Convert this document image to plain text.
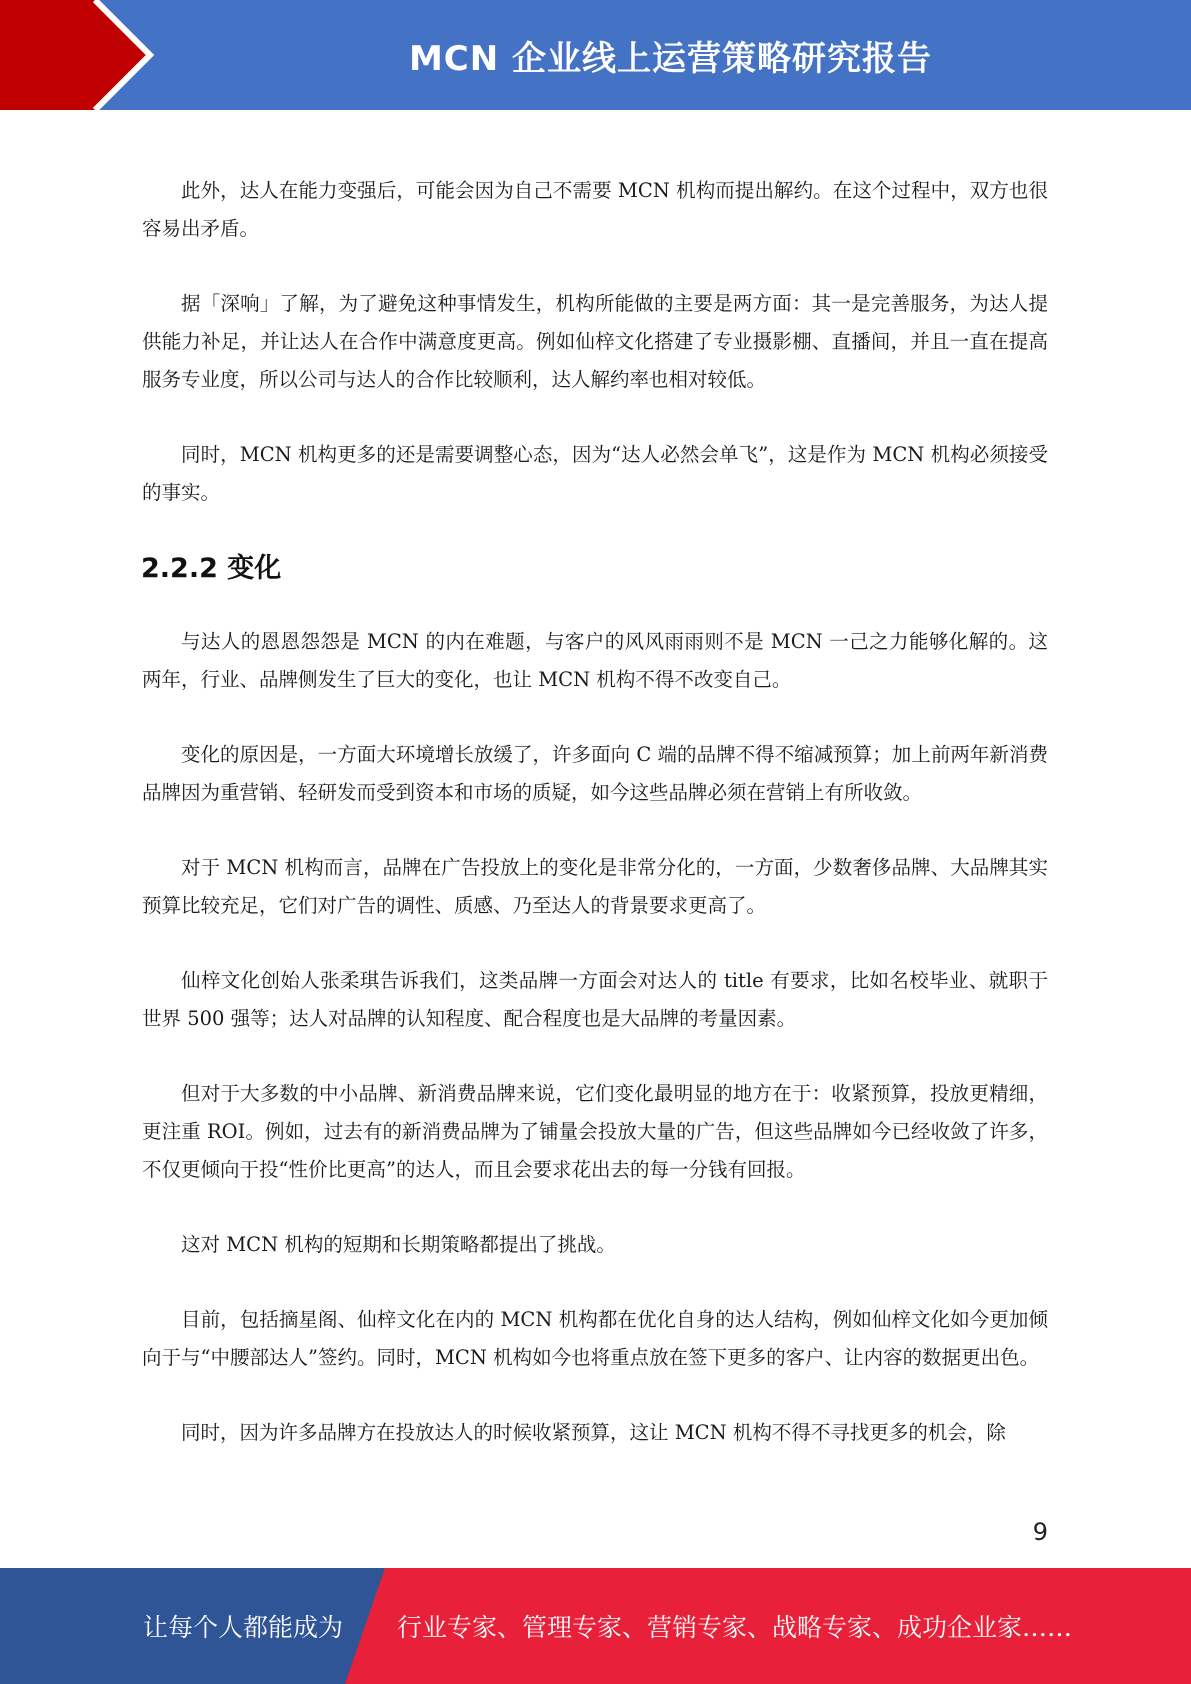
MCN 企业线上运营策略研究报告

此外，达人在能力变强后，可能会因为自己不需要 MCN 机构而提出解约。在这个过程中，双方也很容易出矛盾。

据「深响」了解，为了避免这种事情发生，机构所能做的主要是两方面：其一是完善服务，为达人提供能力补足，并让达人在合作中满意度更高。例如仙梓文化搭建了专业摄影棚、直播间，并且一直在提高服务专业度，所以公司与达人的合作比较顺利，达人解约率也相对较低。

同时，MCN 机构更多的还是需要调整心态，因为“达人必然会单飞”，这是作为 MCN 机构必须接受的事实。

2.2.2 变化

与达人的恩恩怨怨是 MCN 的内在难题，与客户的风风雨雨则不是 MCN 一己之力能够化解的。这两年，行业、品牌侧发生了巨大的变化，也让 MCN 机构不得不改变自己。

变化的原因是，一方面大环境增长放缓了，许多面向 C 端的品牌不得不缩减预算；加上前两年新消费品牌因为重营销、轻研发而受到资本和市场的质疑，如今这些品牌必须在营销上有所收敛。

对于 MCN 机构而言，品牌在广告投放上的变化是非常分化的，一方面，少数奢侈品牌、大品牌其实预算比较充足，它们对广告的调性、质感、乃至达人的背景要求更高了。

仙梓文化创始人张柔琪告诉我们，这类品牌一方面会对达人的 title 有要求，比如名校毕业、就职于世界 500 强等；达人对品牌的认知程度、配合程度也是大品牌的考量因素。

但对于大多数的中小品牌、新消费品牌来说，它们变化最明显的地方在于：收紧预算，投放更精细，更注重 ROI。例如，过去有的新消费品牌为了铺量会投放大量的广告，但这些品牌如今已经收敛了许多，不仅更倾向于投“性价比更高”的达人，而且会要求花出去的每一分钱有回报。

这对 MCN 机构的短期和长期策略都提出了挑战。

目前，包括摘星阁、仙梓文化在内的 MCN 机构都在优化自身的达人结构，例如仙梓文化如今更加倾向于与“中腰部达人”签约。同时，MCN 机构如今也将重点放在签下更多的客户、让内容的数据更出色。

同时，因为许多品牌方在投放达人的时候收紧预算，这让 MCN 机构不得不寻找更多的机会，除

9
让每个人都能成为 行业专家、管理专家、营销专家、战略专家、成功企业家……
